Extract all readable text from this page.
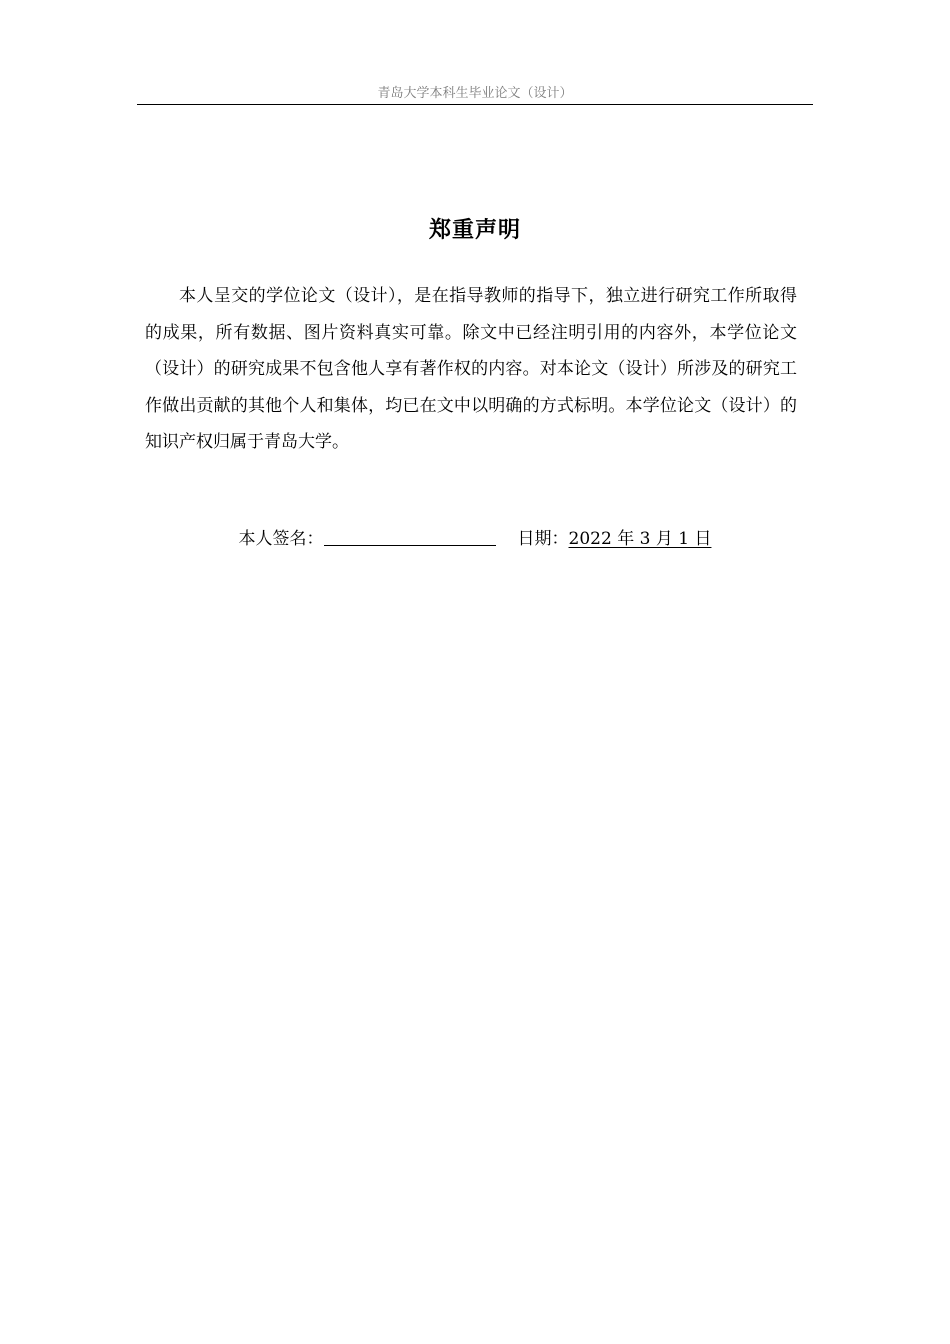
青岛大学本科生毕业论文（设计）
郑重声明

本人呈交的学位论文（设计），是在指导教师的指导下，独立进行研究工作所取得的成果，所有数据、图片资料真实可靠。除文中已经注明引用的内容外，本学位论文（设计）的研究成果不包含他人享有著作权的内容。对本论文（设计）所涉及的研究工作做出贡献的其他个人和集体，均已在文中以明确的方式标明。本学位论文（设计）的知识产权归属于青岛大学。

本人签名：	日期：2022 年 3 月 1 日
